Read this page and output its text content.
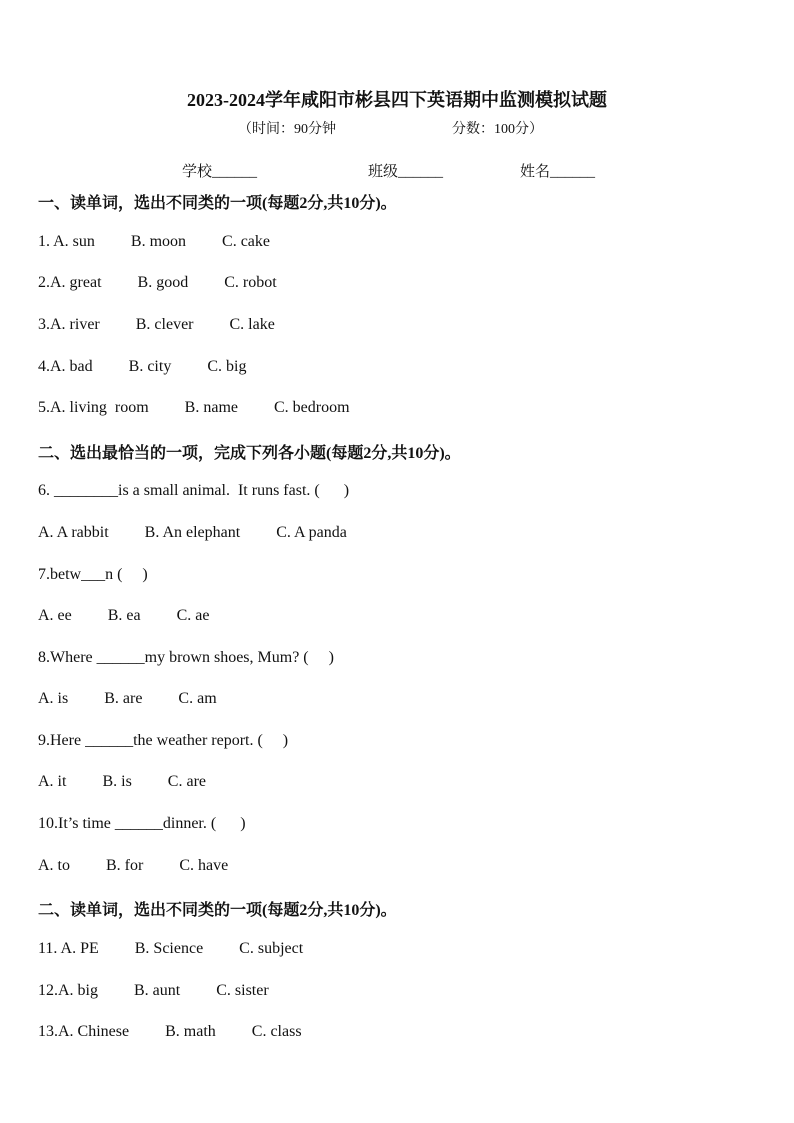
2023-2024学年咸阳市彬县四下英语期中监测模拟试题
（时间：90分钟	分数：100分）
学校______	班级______	姓名______
一、读单词，选出不同类的一项(每题2分,共10分)。
1. A. sun         B. moon         C. cake
2.A. great         B. good         C. robot
3.A. river         B. clever         C. lake
4.A. bad         B. city         C. big
5.A. living  room         B. name         C. bedroom
二、选出最恰当的一项，完成下列各小题(每题2分,共10分)。
6. ________is a small animal.  It runs fast. (      )
A. A rabbit         B. An elephant         C. A panda
7.betw___n (     )
A. ee         B. ea         C. ae
8.Where ______my brown shoes, Mum? (     )
A. is         B. are         C. am
9.Here ______the weather report. (     )
A. it         B. is         C. are
10.It’s time ______dinner. (      )
A. to         B. for         C. have
二、读单词，选出不同类的一项(每题2分,共10分)。
11. A. PE         B. Science         C. subject
12.A. big         B. aunt         C. sister
13.A. Chinese         B. math         C. class
